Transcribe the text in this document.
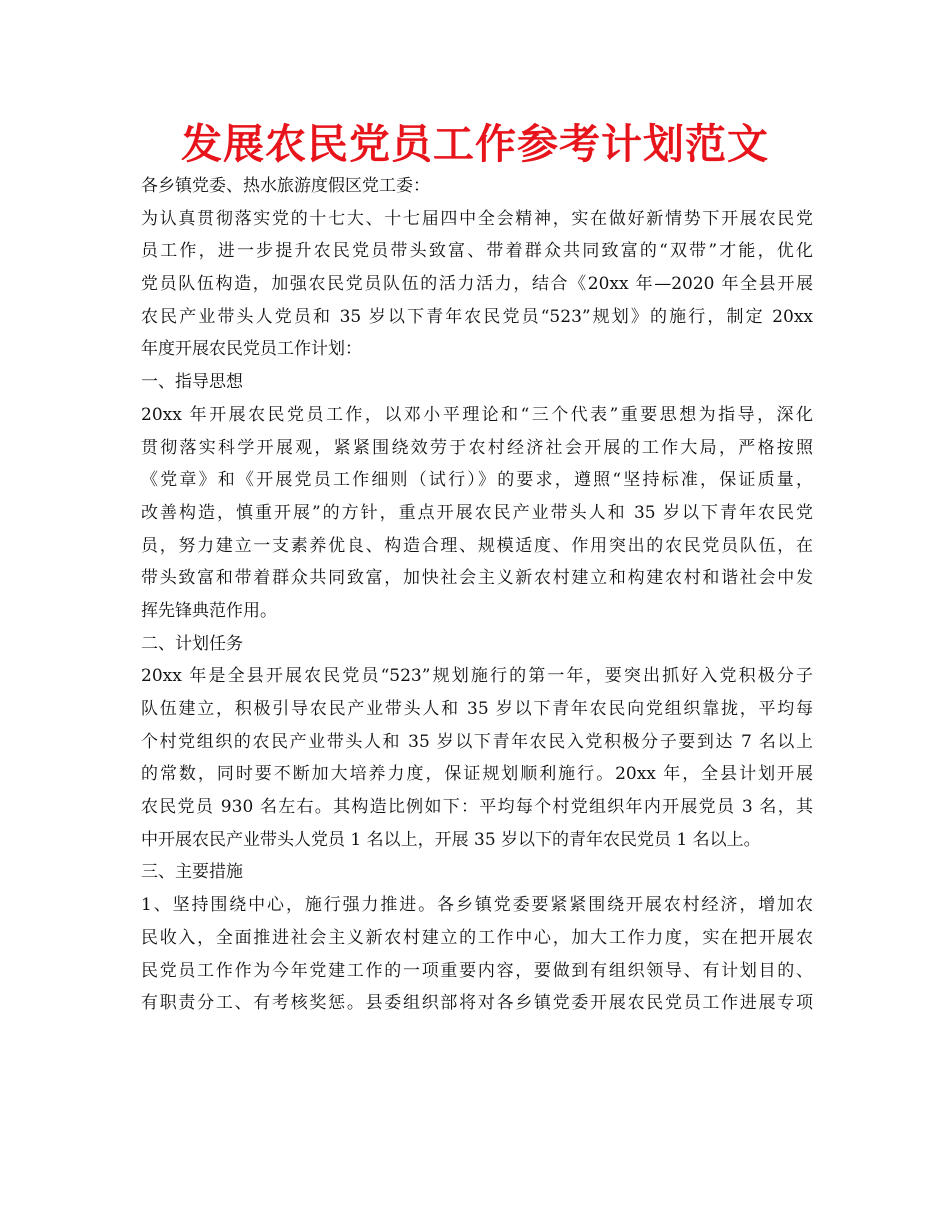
发展农民党员工作参考计划范文
各乡镇党委、热水旅游度假区党工委：
为认真贯彻落实党的十七大、十七届四中全会精神，实在做好新情势下开展农民党
员工作，进一步提升农民党员带头致富、带着群众共同致富的“双带”才能，优化
党员队伍构造，加强农民党员队伍的活力活力，结合《20xx 年—2020 年全县开展
农民产业带头人党员和 35 岁以下青年农民党员“523”规划》的施行，制定 20xx
年度开展农民党员工作计划：
一、指导思想
20xx 年开展农民党员工作，以邓小平理论和“三个代表”重要思想为指导，深化
贯彻落实科学开展观，紧紧围绕效劳于农村经济社会开展的工作大局，严格按照
《党章》和《开展党员工作细则（试行）》的要求，遵照“坚持标准，保证质量，
改善构造，慎重开展”的方针，重点开展农民产业带头人和 35 岁以下青年农民党
员，努力建立一支素养优良、构造合理、规模适度、作用突出的农民党员队伍，在
带头致富和带着群众共同致富，加快社会主义新农村建立和构建农村和谐社会中发
挥先锋典范作用。
二、计划任务
20xx 年是全县开展农民党员“523”规划施行的第一年，要突出抓好入党积极分子
队伍建立，积极引导农民产业带头人和 35 岁以下青年农民向党组织靠拢，平均每
个村党组织的农民产业带头人和 35 岁以下青年农民入党积极分子要到达 7 名以上
的常数，同时要不断加大培养力度，保证规划顺利施行。20xx 年，全县计划开展
农民党员 930 名左右。其构造比例如下：平均每个村党组织年内开展党员 3 名，其
中开展农民产业带头人党员 1 名以上，开展 35 岁以下的青年农民党员 1 名以上。
三、主要措施
1、坚持围绕中心，施行强力推进。各乡镇党委要紧紧围绕开展农村经济，增加农
民收入，全面推进社会主义新农村建立的工作中心，加大工作力度，实在把开展农
民党员工作作为今年党建工作的一项重要内容，要做到有组织领导、有计划目的、
有职责分工、有考核奖惩。县委组织部将对各乡镇党委开展农民党员工作进展专项
